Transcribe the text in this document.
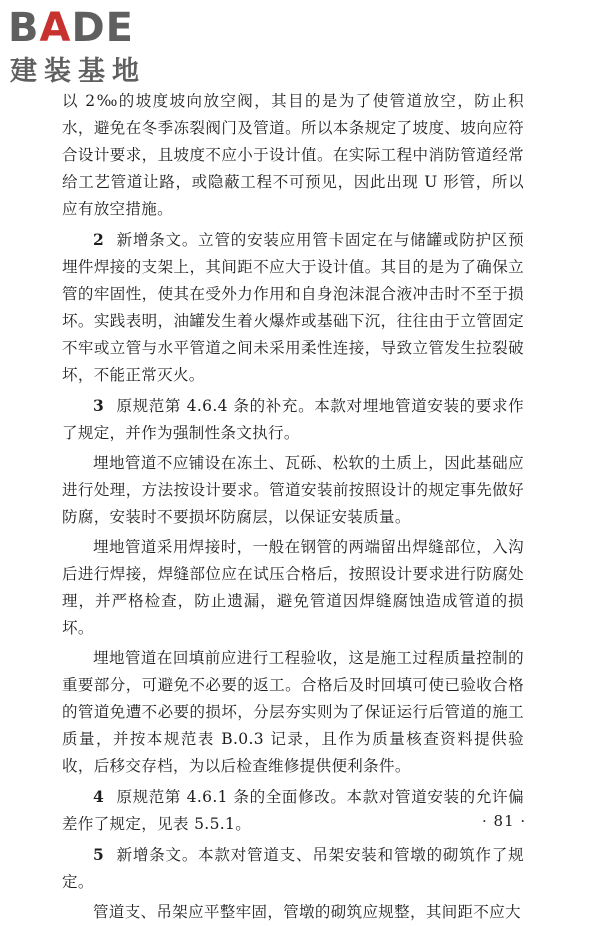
BADE
建装基地

以 2‰的坡度坡向放空阀，其目的是为了使管道放空，防止积水，避免在冬季冻裂阀门及管道。所以本条规定了坡度、坡向应符合设计要求，且坡度不应小于设计值。在实际工程中消防管道经常给工艺管道让路，或隐蔽工程不可预见，因此出现 U 形管，所以应有放空措施。

2 新增条文。立管的安装应用管卡固定在与储罐或防护区预埋件焊接的支架上，其间距不应大于设计值。其目的是为了确保立管的牢固性，使其在受外力作用和自身泡沫混合液冲击时不至于损坏。实践表明，油罐发生着火爆炸或基础下沉，往往由于立管固定不牢或立管与水平管道之间未采用柔性连接，导致立管发生拉裂破坏，不能正常灭火。

3 原规范第 4.6.4 条的补充。本款对埋地管道安装的要求作了规定，并作为强制性条文执行。

埋地管道不应铺设在冻土、瓦砾、松软的土质上，因此基础应进行处理，方法按设计要求。管道安装前按照设计的规定事先做好防腐，安装时不要损坏防腐层，以保证安装质量。

埋地管道采用焊接时，一般在钢管的两端留出焊缝部位，入沟后进行焊接，焊缝部位应在试压合格后，按照设计要求进行防腐处理，并严格检查，防止遗漏，避免管道因焊缝腐蚀造成管道的损坏。

埋地管道在回填前应进行工程验收，这是施工过程质量控制的重要部分，可避免不必要的返工。合格后及时回填可使已验收合格的管道免遭不必要的损坏，分层夯实则为了保证运行后管道的施工质量，并按本规范表 B.0.3 记录，且作为质量核查资料提供验收，后移交存档，为以后检查维修提供便利条件。

4 原规范第 4.6.1 条的全面修改。本款对管道安装的允许偏差作了规定，见表 5.5.1。

5 新增条文。本款对管道支、吊架安装和管墩的砌筑作了规定。

管道支、吊架应平整牢固，管墩的砌筑应规整，其间距不应大

· 81 ·
